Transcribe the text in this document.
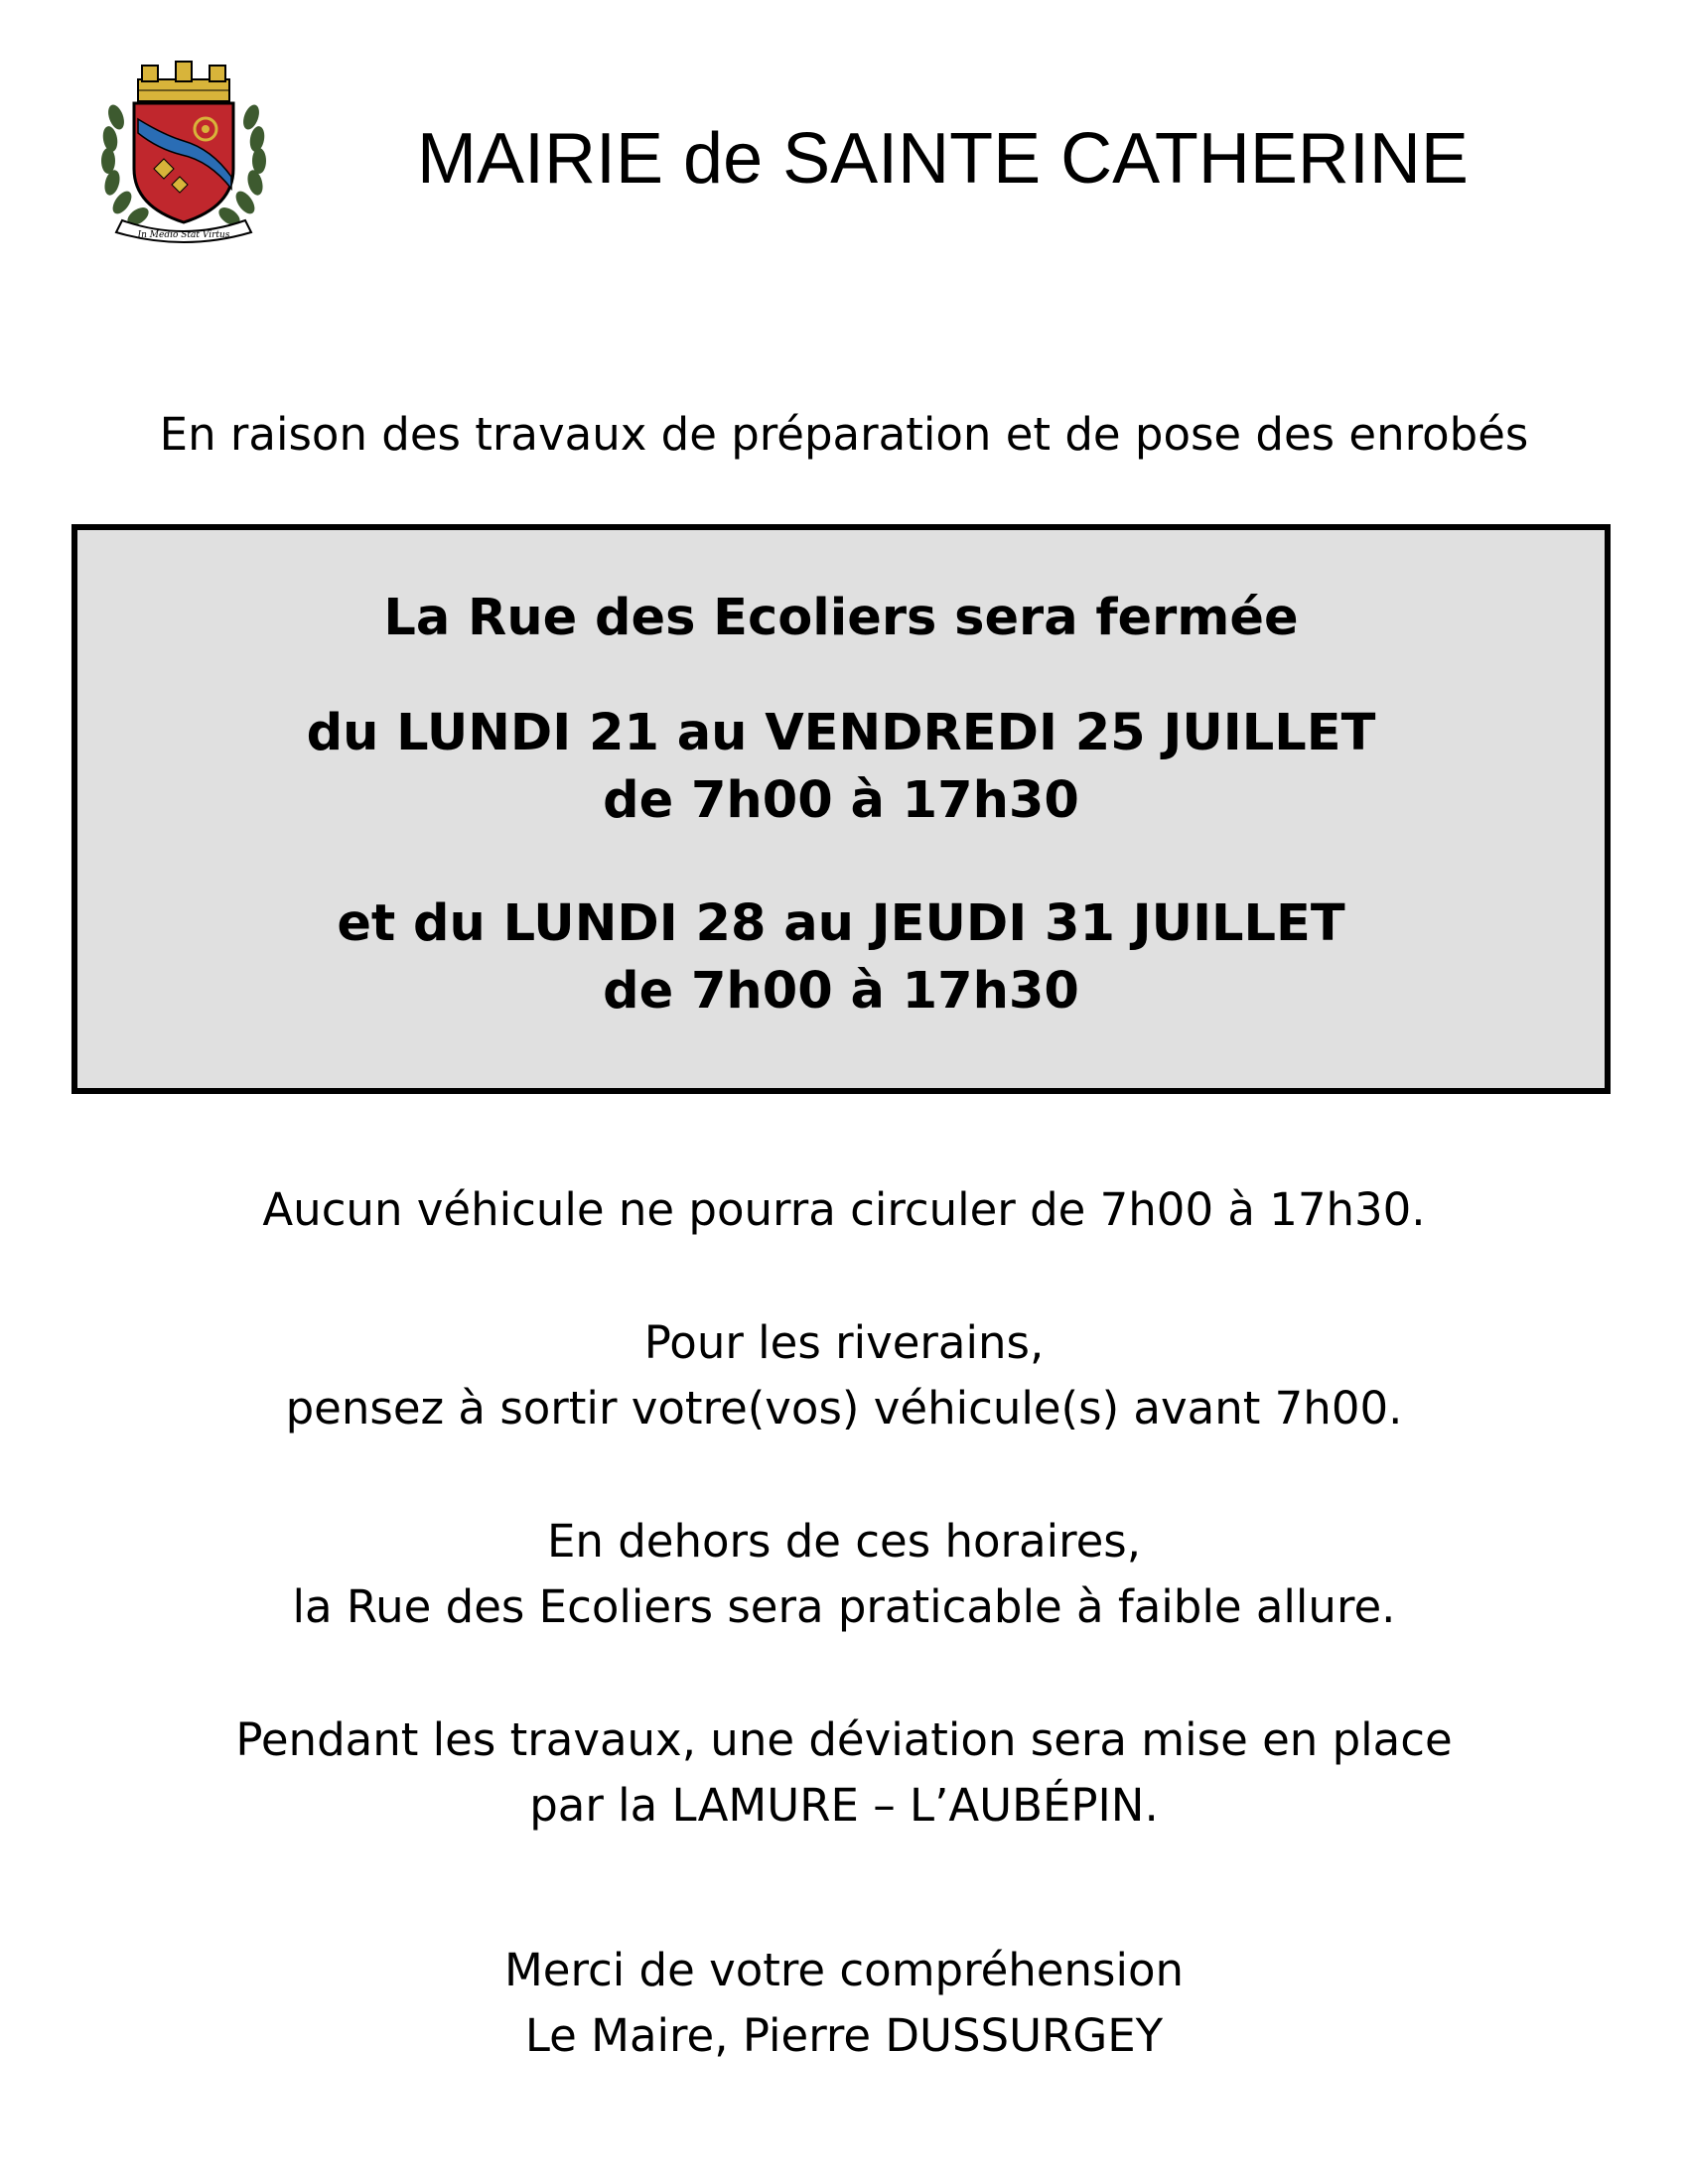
In Medio Stat Virtus
MAIRIE de SAINTE CATHERINE
En raison des travaux de préparation et de pose des enrobés
La Rue des Ecoliers sera fermée
du LUNDI 21 au VENDREDI 25 JUILLET
de 7h00 à 17h30
et du LUNDI 28 au JEUDI 31 JUILLET
de 7h00 à 17h30
Aucun véhicule ne pourra circuler de 7h00 à 17h30.
Pour les riverains,
pensez à sortir votre(vos) véhicule(s) avant 7h00.
En dehors de ces horaires,
la Rue des Ecoliers sera praticable à faible allure.
Pendant les travaux, une déviation sera mise en place
par la LAMURE – L’AUBÉPIN.
Merci de votre compréhension
Le Maire, Pierre DUSSURGEY
